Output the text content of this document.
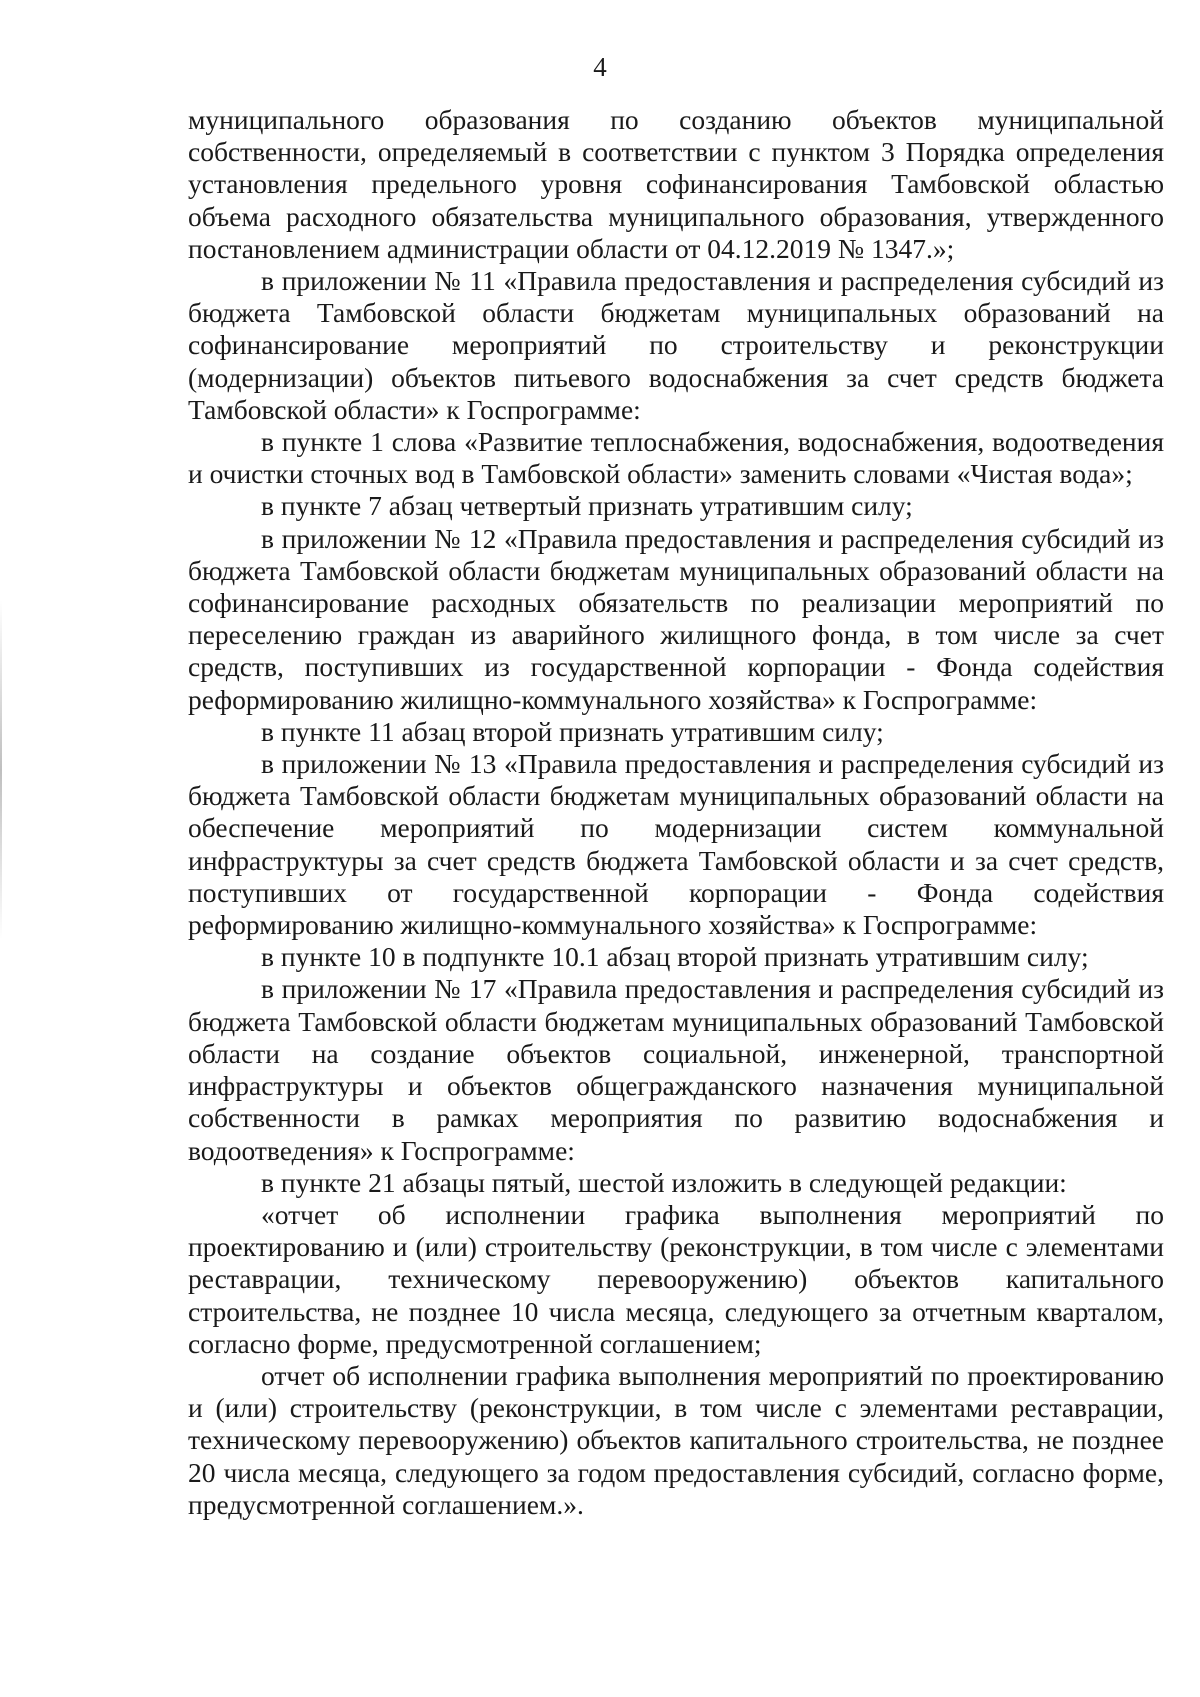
4

муниципального образования по созданию объектов муниципальной собственности, определяемый в соответствии с пунктом 3 Порядка определения установления предельного уровня софинансирования Тамбовской областью объема расходного обязательства муниципального образования, утвержденного постановлением администрации области от 04.12.2019 № 1347.»;

в приложении № 11 «Правила предоставления и распределения субсидий из бюджета Тамбовской области бюджетам муниципальных образований на софинансирование мероприятий по строительству и реконструкции (модернизации) объектов питьевого водоснабжения за счет средств бюджета Тамбовской области» к Госпрограмме:

в пункте 1 слова «Развитие теплоснабжения, водоснабжения, водоотведения и очистки сточных вод в Тамбовской области» заменить словами «Чистая вода»;

в пункте 7 абзац четвертый признать утратившим силу;

в приложении № 12 «Правила предоставления и распределения субсидий из бюджета Тамбовской области бюджетам муниципальных образований области на софинансирование расходных обязательств по реализации мероприятий по переселению граждан из аварийного жилищного фонда, в том числе за счет средств, поступивших из государственной корпорации - Фонда содействия реформированию жилищно-коммунального хозяйства» к Госпрограмме:

в пункте 11 абзац второй признать утратившим силу;

в приложении № 13 «Правила предоставления и распределения субсидий из бюджета Тамбовской области бюджетам муниципальных образований области на обеспечение мероприятий по модернизации систем коммунальной инфраструктуры за счет средств бюджета Тамбовской области и за счет средств, поступивших от государственной корпорации - Фонда содействия реформированию жилищно-коммунального хозяйства» к Госпрограмме:

в пункте 10 в подпункте 10.1 абзац второй признать утратившим силу;

в приложении № 17 «Правила предоставления и распределения субсидий из бюджета Тамбовской области бюджетам муниципальных образований Тамбовской области на создание объектов социальной, инженерной, транспортной инфраструктуры и объектов общегражданского назначения муниципальной собственности в рамках мероприятия по развитию водоснабжения и водоотведения» к Госпрограмме:

в пункте 21 абзацы пятый, шестой изложить в следующей редакции:

«отчет об исполнении графика выполнения мероприятий по проектированию и (или) строительству (реконструкции, в том числе с элементами реставрации, техническому перевооружению) объектов капитального строительства, не позднее 10 числа месяца, следующего за отчетным кварталом, согласно форме, предусмотренной соглашением;

отчет об исполнении графика выполнения мероприятий по проектированию и (или) строительству (реконструкции, в том числе с элементами реставрации, техническому перевооружению) объектов капитального строительства, не позднее 20 числа месяца, следующего за годом предоставления субсидий, согласно форме, предусмотренной соглашением.».
